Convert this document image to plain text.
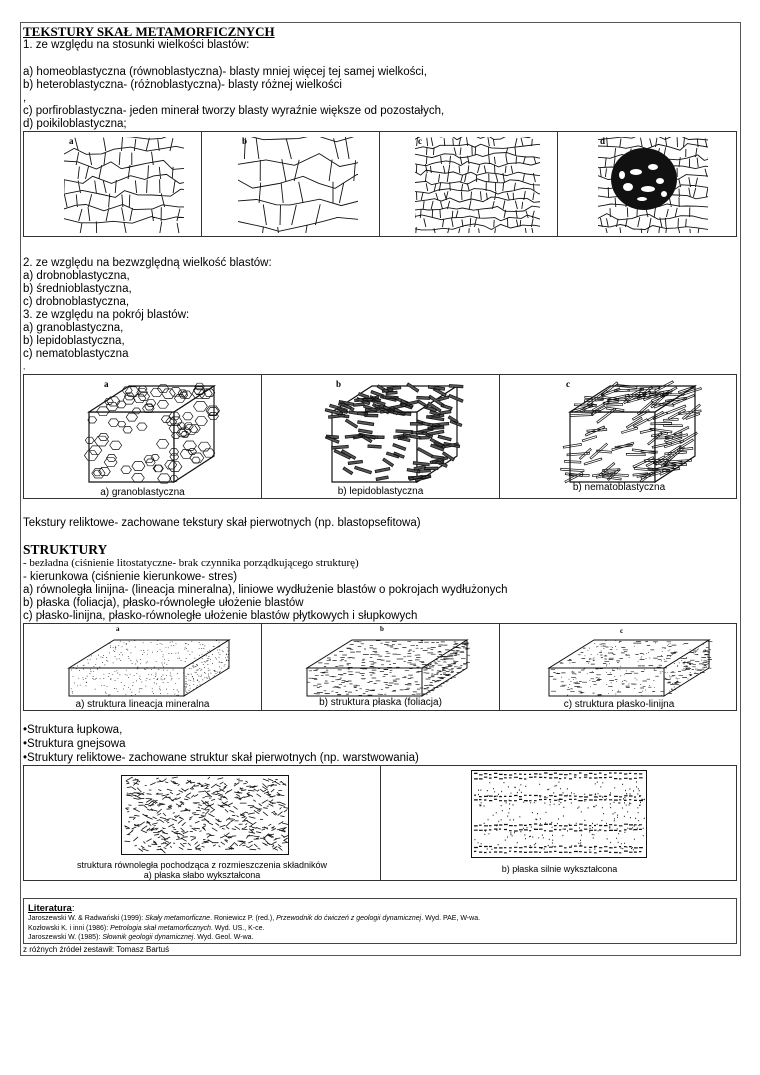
TEKSTURY SKAŁ METAMORFICZNYCH
1. ze względu na stosunki wielkości blastów:
a) homeoblastyczna (równoblastyczna)- blasty mniej więcej tej samej wielkości,
b) heteroblastyczna- (różnoblastyczna)- blasty różnej wielkości
,
c) porfiroblastyczna- jeden minerał tworzy blasty wyraźnie większe od pozostałych,
d) poikiloblastyczna;
a	b	c	d
2. ze względu na bezwzględną wielkość blastów:
a) drobnoblastyczna,
b) średnioblastyczna,
c) drobnoblastyczna,
3. ze względu na pokrój blastów:
a) granoblastyczna,
b) lepidoblastyczna,
c) nematoblastyczna
,
a
a) granoblastyczna
b
b) lepidoblastyczna
c
b) nematoblastyczna
Tekstury reliktowe- zachowane tekstury skał pierwotnych (np. blastopsefitowa)
STRUKTURY
- bezładna (ciśnienie litostatyczne- brak czynnika porządkującego strukturę)
- kierunkowa (ciśnienie kierunkowe- stres)
a) równoległa linijna- (lineacja mineralna), liniowe wydłużenie blastów o pokrojach wydłużonych
b) płaska (foliacja), płasko-równoległe ułożenie blastów
c) płasko-linijna, płasko-równoległe ułożenie blastów płytkowych i słupkowych
a
a) struktura lineacja mineralna
b
b) struktura płaska (foliacja)
c
c) struktura płasko-linijna
•Struktura łupkowa,
•Struktura gnejsowa
•Struktury reliktowe- zachowane struktur skał pierwotnych (np. warstwowania)
struktura równoległa pochodząca z rozmieszczenia składników
a) płaska słabo wykształcona
b) płaska silnie wykształcona
Literatura:
Jaroszewski W. & Radwański (1999): Skały metamorficzne. Roniewicz P. (red.), Przewodnik do ćwiczeń z geologii dynamicznej. Wyd. PAE, W-wa.
Kozłowski K. i inni (1986): Petrologia skał metamorficznych. Wyd. US., K-ce.
Jaroszewski W. (1985): Słownik geologii dynamicznej. Wyd. Geol. W-wa.
z różnych źródeł zestawił: Tomasz Bartuś
